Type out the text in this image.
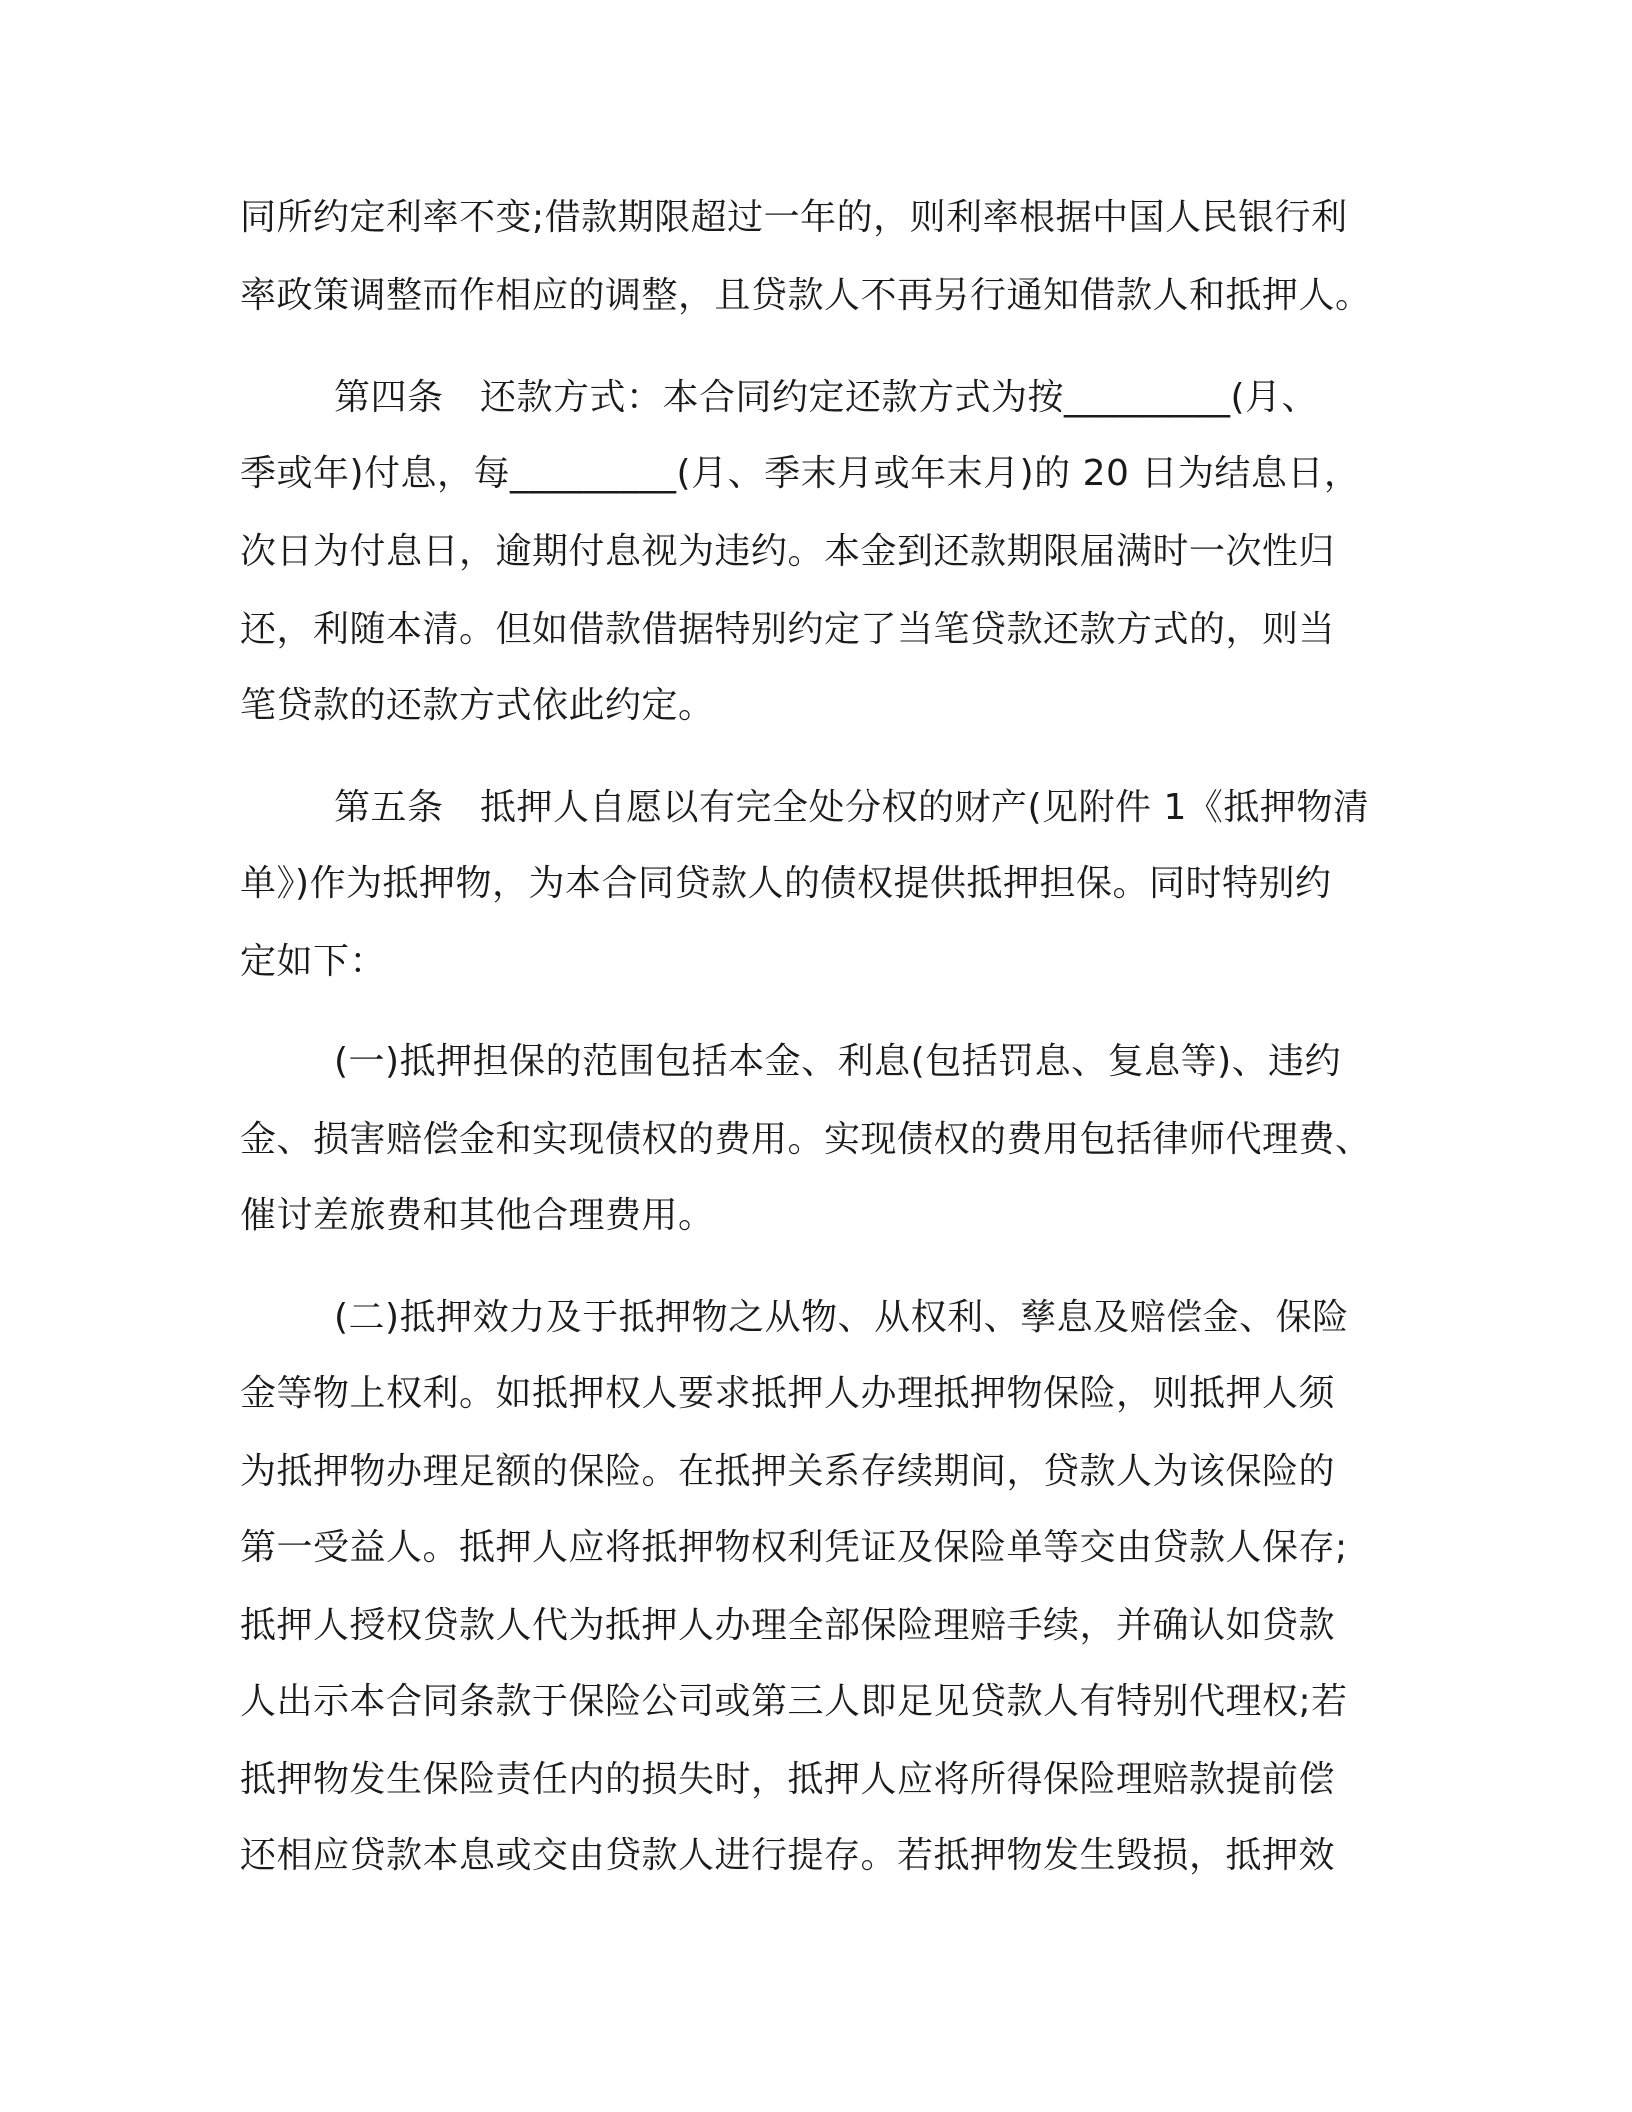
同所约定利率不变;借款期限超过一年的，则利率根据中国人民银行利
率政策调整而作相应的调整，且贷款人不再另行通知借款人和抵押人。
第四条　还款方式：本合同约定还款方式为按_________(月、
季或年)付息，每_________(月、季末月或年末月)的 20 日为结息日，
次日为付息日，逾期付息视为违约。本金到还款期限届满时一次性归
还，利随本清。但如借款借据特别约定了当笔贷款还款方式的，则当
笔贷款的还款方式依此约定。
第五条　抵押人自愿以有完全处分权的财产(见附件 1《抵押物清
单》)作为抵押物，为本合同贷款人的债权提供抵押担保。同时特别约
定如下：
(一)抵押担保的范围包括本金、利息(包括罚息、复息等)、违约
金、损害赔偿金和实现债权的费用。实现债权的费用包括律师代理费、
催讨差旅费和其他合理费用。
(二)抵押效力及于抵押物之从物、从权利、孳息及赔偿金、保险
金等物上权利。如抵押权人要求抵押人办理抵押物保险，则抵押人须
为抵押物办理足额的保险。在抵押关系存续期间，贷款人为该保险的
第一受益人。抵押人应将抵押物权利凭证及保险单等交由贷款人保存;
抵押人授权贷款人代为抵押人办理全部保险理赔手续，并确认如贷款
人出示本合同条款于保险公司或第三人即足见贷款人有特别代理权;若
抵押物发生保险责任内的损失时，抵押人应将所得保险理赔款提前偿
还相应贷款本息或交由贷款人进行提存。若抵押物发生毁损，抵押效
